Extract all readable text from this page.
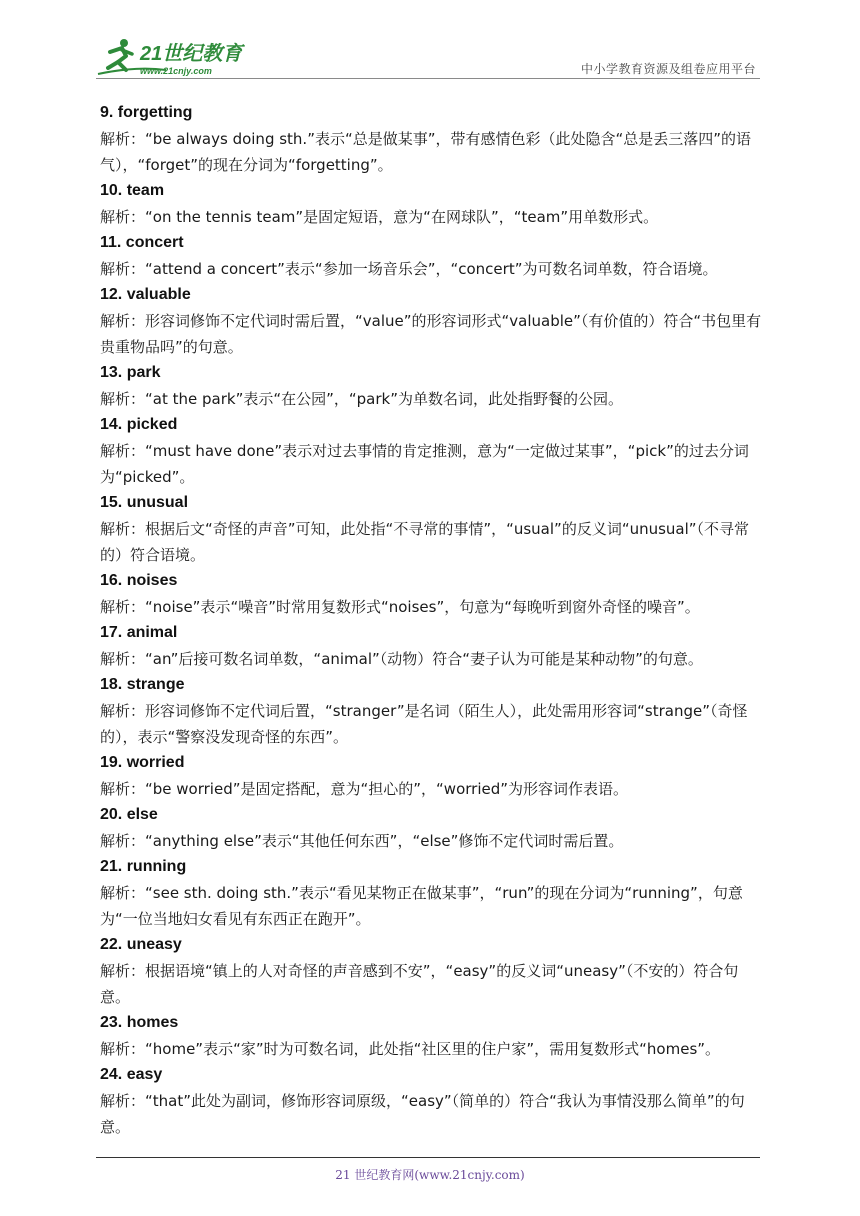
21世纪教育
www.21cnjy.com	中小学教育资源及组卷应用平台
9. forgetting
解析：“be always doing sth.”表示“总是做某事”，带有感情色彩（此处隐含“总是丢三落四”的语气），“forget”的现在分词为“forgetting”。
10. team
解析：“on the tennis team”是固定短语，意为“在网球队”，“team”用单数形式。
11. concert
解析：“attend a concert”表示“参加一场音乐会”，“concert”为可数名词单数，符合语境。
12. valuable
解析：形容词修饰不定代词时需后置，“value”的形容词形式“valuable”（有价值的）符合“书包里有贵重物品吗”的句意。
13. park
解析：“at the park”表示“在公园”，“park”为单数名词，此处指野餐的公园。
14. picked
解析：“must have done”表示对过去事情的肯定推测，意为“一定做过某事”，“pick”的过去分词为“picked”。
15. unusual
解析：根据后文“奇怪的声音”可知，此处指“不寻常的事情”，“usual”的反义词“unusual”（不寻常的）符合语境。
16. noises
解析：“noise”表示“噪音”时常用复数形式“noises”，句意为“每晚听到窗外奇怪的噪音”。
17. animal
解析：“an”后接可数名词单数，“animal”（动物）符合“妻子认为可能是某种动物”的句意。
18. strange
解析：形容词修饰不定代词后置，“stranger”是名词（陌生人），此处需用形容词“strange”（奇怪的），表示“警察没发现奇怪的东西”。
19. worried
解析：“be worried”是固定搭配，意为“担心的”，“worried”为形容词作表语。
20. else
解析：“anything else”表示“其他任何东西”，“else”修饰不定代词时需后置。
21. running
解析：“see sth. doing sth.”表示“看见某物正在做某事”，“run”的现在分词为“running”，句意为“一位当地妇女看见有东西正在跑开”。
22. uneasy
解析：根据语境“镇上的人对奇怪的声音感到不安”，“easy”的反义词“uneasy”（不安的）符合句意。
23. homes
解析：“home”表示“家”时为可数名词，此处指“社区里的住户家”，需用复数形式“homes”。
24. easy
解析：“that”此处为副词，修饰形容词原级，“easy”（简单的）符合“我认为事情没那么简单”的句意。
21 世纪教育网(www.21cnjy.com)
